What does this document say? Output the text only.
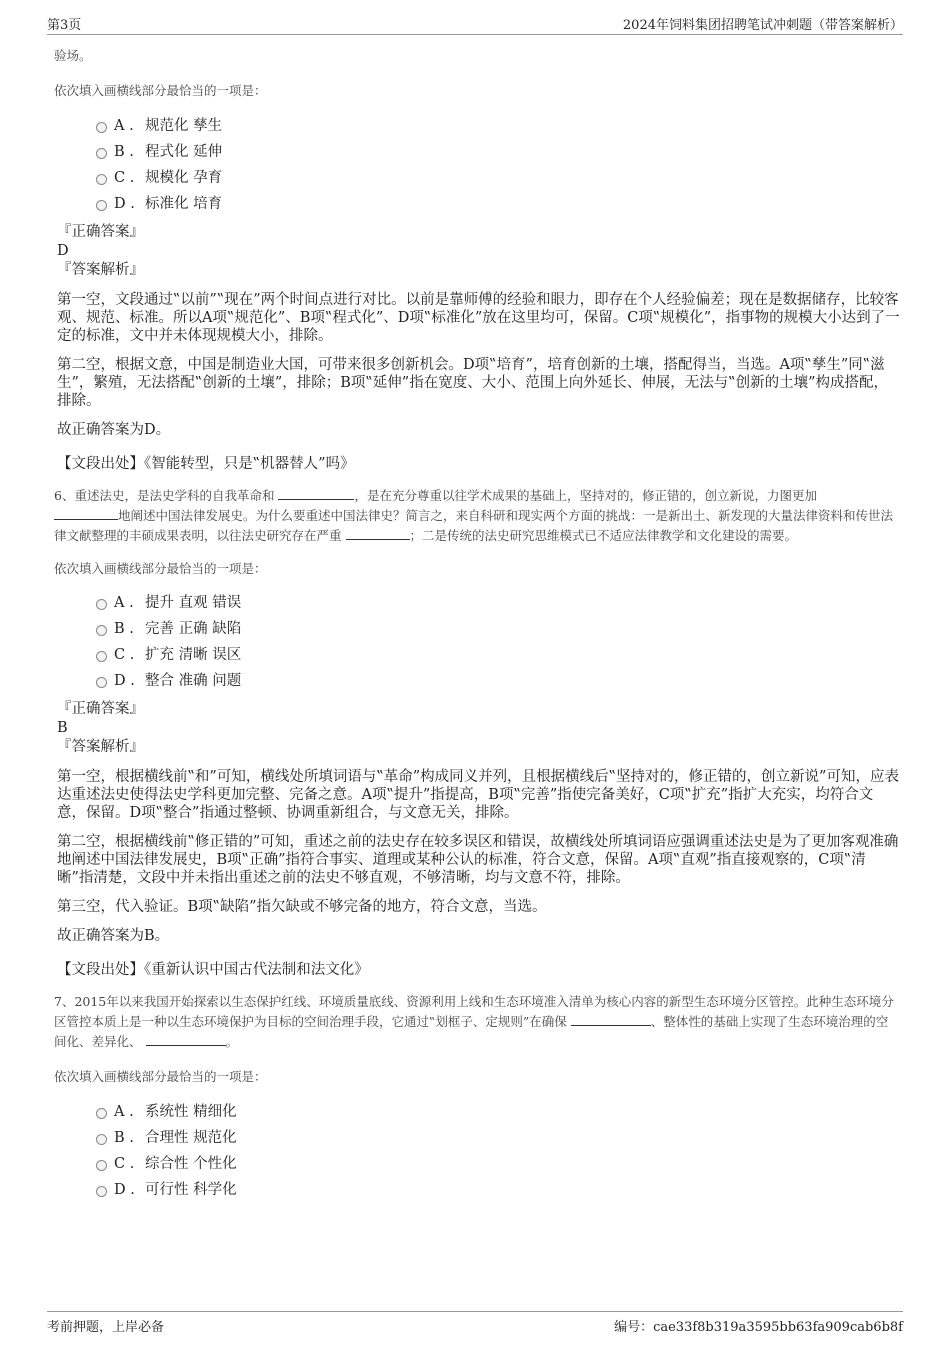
第3页	2024年饲料集团招聘笔试冲刺题（带答案解析）

验场。

依次填入画横线部分最恰当的一项是：

A . 规范化 孳生
B . 程式化 延伸
C . 规模化 孕育
D . 标准化 培育
『正确答案』
D
『答案解析』

第一空，文段通过‟以前”‟现在”两个时间点进行对比。以前是靠师傅的经验和眼力，即存在个人经验偏差；现在是数据储存，比较客观、规范、标准。所以A项‟规范化”、B项‟程式化”、D项‟标准化”放在这里均可，保留。C项‟规模化”，指事物的规模大小达到了一定的标准，文中并未体现规模大小，排除。

第二空，根据文意，中国是制造业大国，可带来很多创新机会。D项‟培育”，培育创新的土壤，搭配得当，当选。A项‟孳生”同‟滋生”，繁殖，无法搭配‟创新的土壤”，排除；B项‟延伸”指在宽度、大小、范围上向外延长、伸展，无法与‟创新的土壤”构成搭配，排除。

故正确答案为D。

【文段出处】《智能转型，只是‟机器替人”吗》

6、重述法史，是法史学科的自我革命和	，是在充分尊重以往学术成果的基础上，坚持对的，修正错的，创立新说，力图更加
地阐述中国法律发展史。为什么要重述中国法律史？简言之，来自科研和现实两个方面的挑战：一是新出土、新发现的大量法律资料和传世法律文献整理的丰硕成果表明，以往法史研究存在严重	；二是传统的法史研究思维模式已不适应法律教学和文化建设的需要。

依次填入画横线部分最恰当的一项是：

A . 提升 直观 错误
B . 完善 正确 缺陷
C . 扩充 清晰 误区
D . 整合 准确 问题
『正确答案』
B
『答案解析』

第一空，根据横线前‟和”可知，横线处所填词语与‟革命”构成同义并列，且根据横线后‟坚持对的，修正错的，创立新说”可知，应表达重述法史使得法史学科更加完整、完备之意。A项‟提升”指提高，B项‟完善”指使完备美好，C项‟扩充”指扩大充实，均符合文意，保留。D项‟整合”指通过整顿、协调重新组合，与文意无关，排除。

第二空，根据横线前‟修正错的”可知，重述之前的法史存在较多误区和错误，故横线处所填词语应强调重述法史是为了更加客观准确地阐述中国法律发展史，B项‟正确”指符合事实、道理或某种公认的标准，符合文意，保留。A项‟直观”指直接观察的，C项‟清晰”指清楚，文段中并未指出重述之前的法史不够直观，不够清晰，均与文意不符，排除。

第三空，代入验证。B项‟缺陷”指欠缺或不够完备的地方，符合文意，当选。

故正确答案为B。

【文段出处】《重新认识中国古代法制和法文化》

7、2015年以来我国开始探索以生态保护红线、环境质量底线、资源利用上线和生态环境准入清单为核心内容的新型生态环境分区管控。此种生态环境分区管控本质上是一种以生态环境保护为目标的空间治理手段，它通过‟划框子、定规则”在确保	、整体性的基础上实现了生态环境治理的空间化、差异化、	。

依次填入画横线部分最恰当的一项是：

A . 系统性 精细化
B . 合理性 规范化
C . 综合性 个性化
D . 可行性 科学化
考前押题，上岸必备	编号：cae33f8b319a3595bb63fa909cab6b8f
